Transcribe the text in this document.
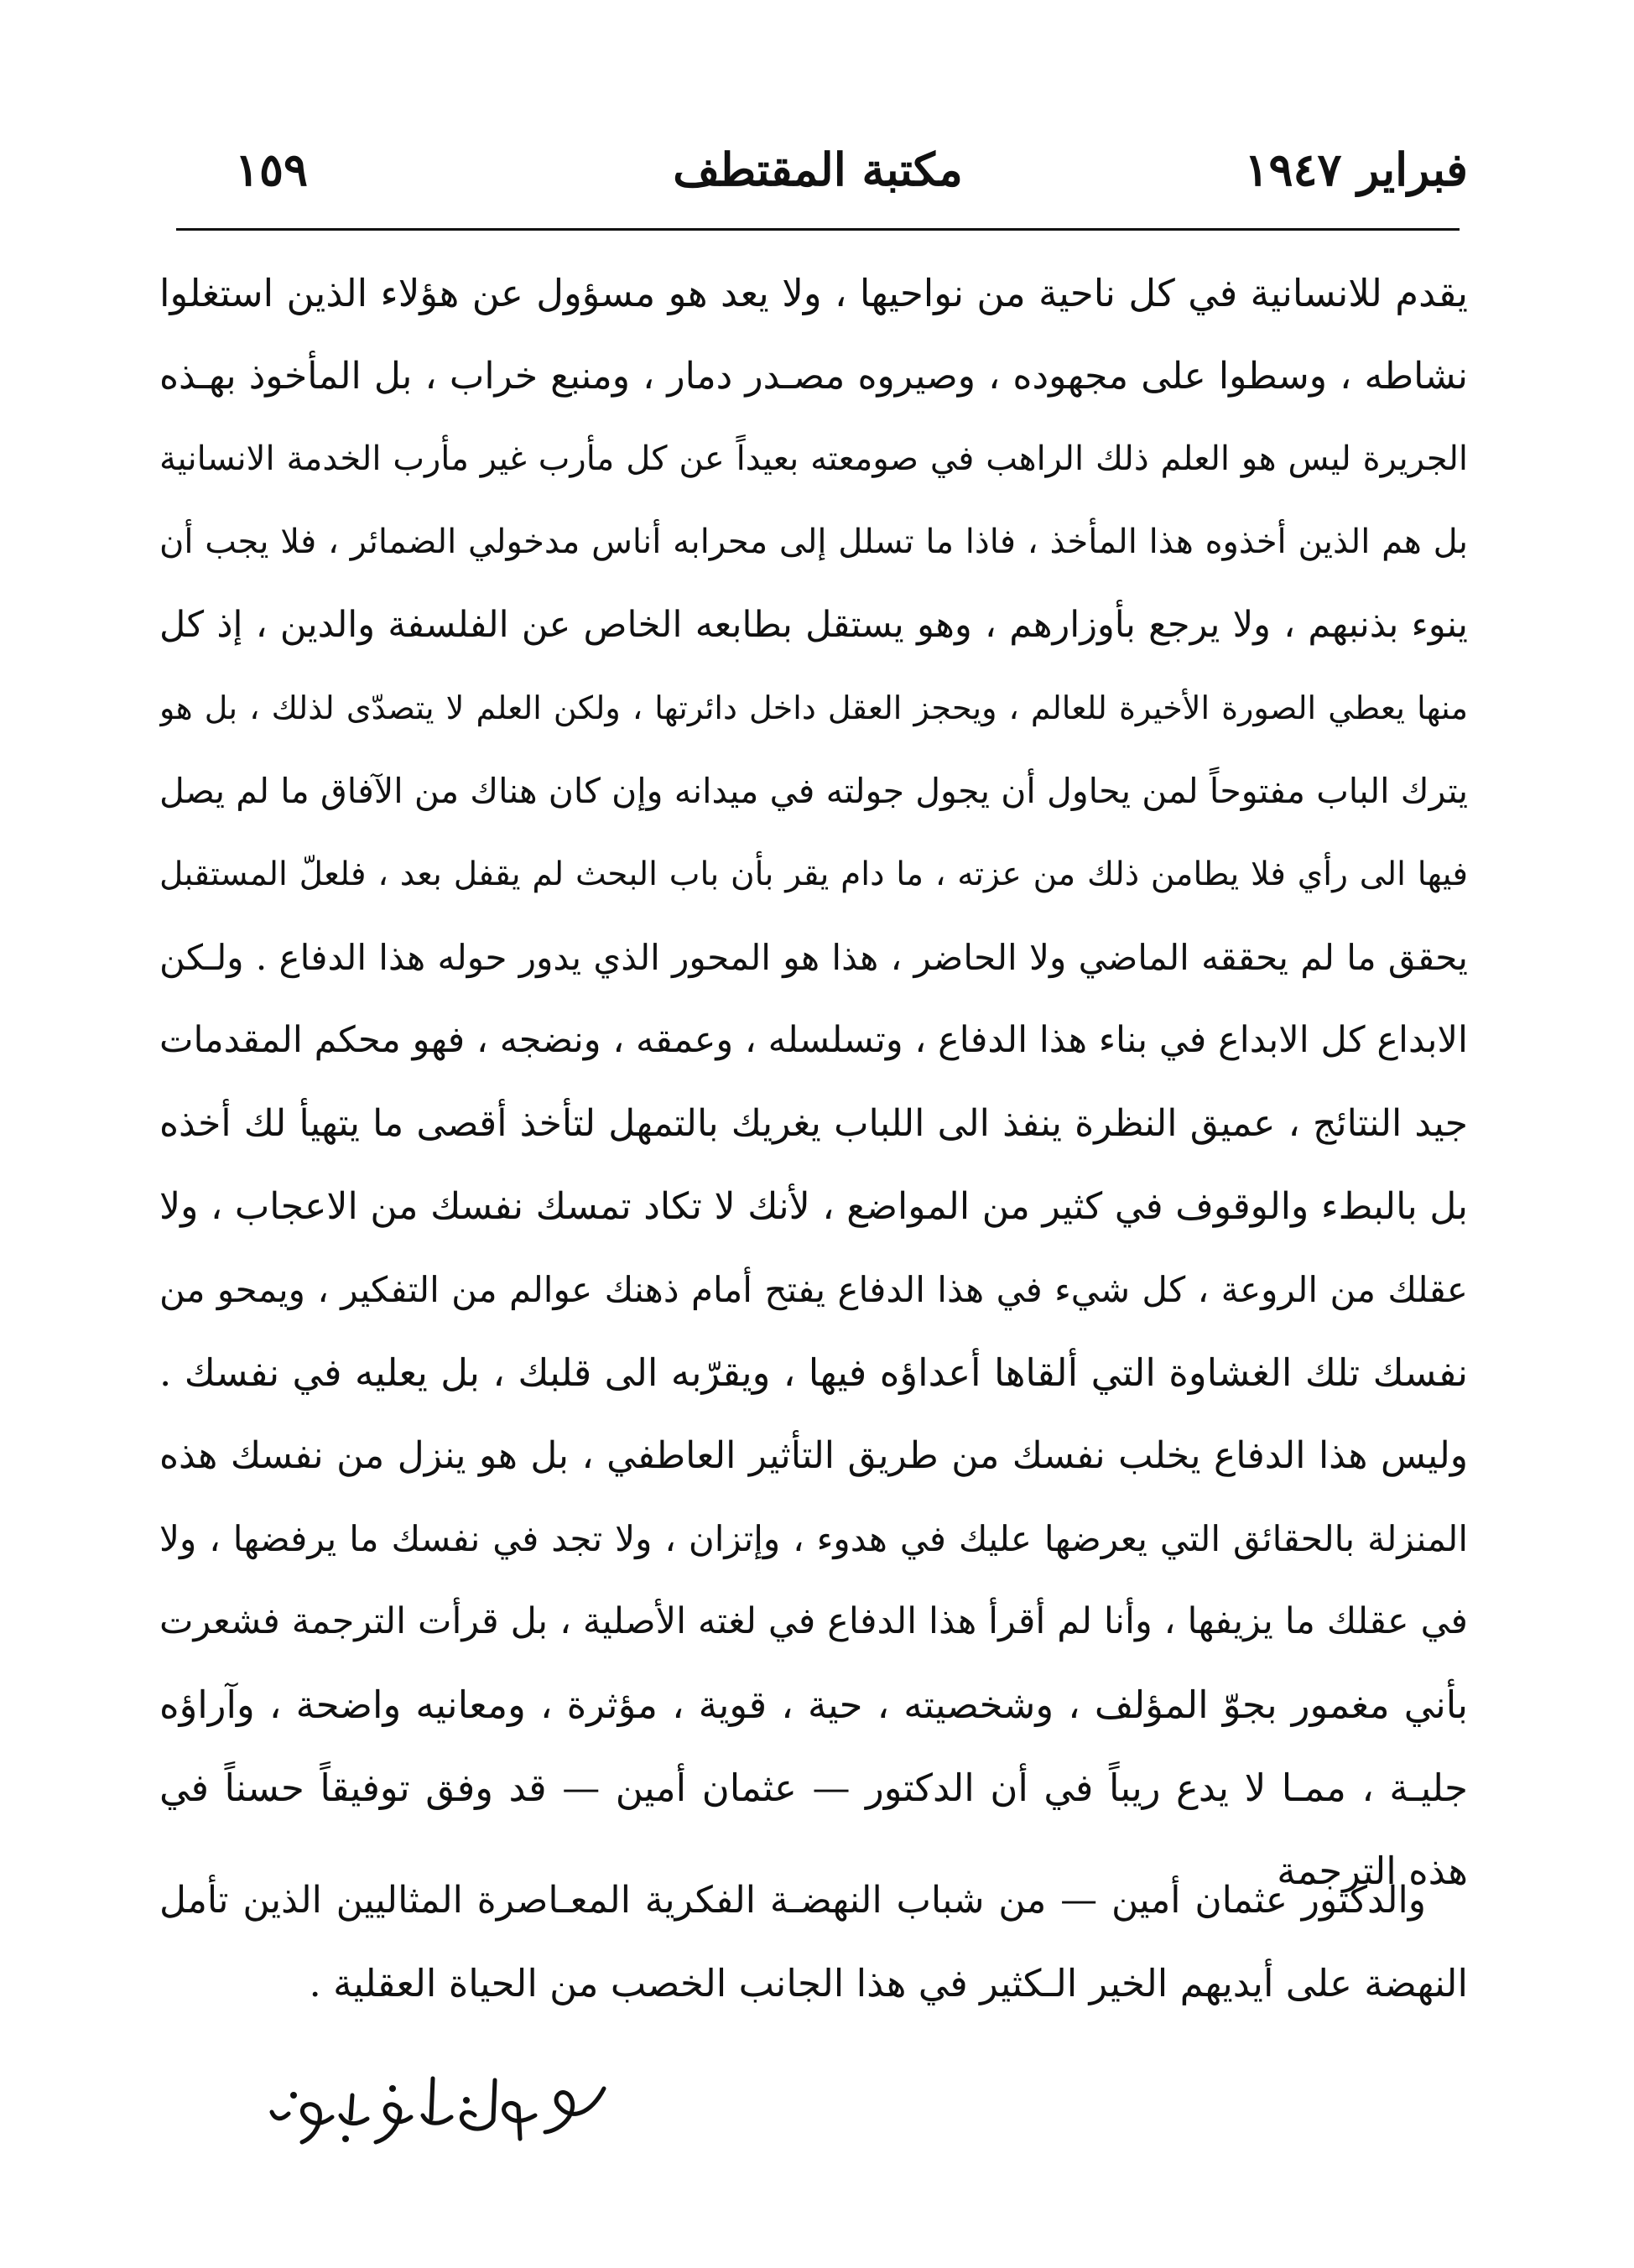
فبراير ١٩٤٧
مكتبة المقتطف
١٥٩
يقدم للانسانية في كل ناحية من نواحيها ، ولا يعد هو مسؤول عن هؤلاء الذين استغلوا
نشاطه ، وسطوا على مجهوده ، وصيروه مصـدر دمار ، ومنبع خراب ، بل المأخوذ بهـذه
الجريرة ليس هو العلم ذلك الراهب في صومعته بعيداً عن كل مأرب غير مأرب الخدمة الانسانية
بل هم الذين أخذوه هذا المأخذ ، فاذا ما تسلل إلى محرابه أناس مدخولي الضمائر ، فلا يجب أن
ينوء بذنبهم ، ولا يرجع بأوزارهم ، وهو يستقل بطابعه الخاص عن الفلسفة والدين ، إذ كل
منها يعطي الصورة الأخيرة للعالم ، ويحجز العقل داخل دائرتها ، ولكن العلم لا يتصدّى لذلك ، بل هو
يترك الباب مفتوحاً لمن يحاول أن يجول جولته في ميدانه وإن كان هناك من الآفاق ما لم يصل
فيها الى رأي فلا يطامن ذلك من عزته ، ما دام يقر بأن باب البحث لم يقفل بعد ، فلعلّ المستقبل
يحقق ما لم يحققه الماضي ولا الحاضر ، هذا هو المحور الذي يدور حوله هذا الدفاع . ولـكن
الابداع كل الابداع في بناء هذا الدفاع ، وتسلسله ، وعمقه ، ونضجه ، فهو محكم المقدمات
جيد النتائج ، عميق النظرة ينفذ الى اللباب يغريك بالتمهل لتأخذ أقصى ما يتهيأ لك أخذه
بل بالبطء والوقوف في كثير من المواضع ، لأنك لا تكاد تمسك نفسك من الاعجاب ، ولا
عقلك من الروعة ، كل شيء في هذا الدفاع يفتح أمام ذهنك عوالم من التفكير ، ويمحو من
نفسك تلك الغشاوة التي ألقاها أعداؤه فيها ، ويقرّبه الى قلبك ، بل يعليه في نفسك .
وليس هذا الدفاع يخلب نفسك من طريق التأثير العاطفي ، بل هو ينزل من نفسك هذه
المنزلة بالحقائق التي يعرضها عليك في هدوء ، وإتزان ، ولا تجد في نفسك ما يرفضها ، ولا
في عقلك ما يزيفها ، وأنا لم أقرأ هذا الدفاع في لغته الأصلية ، بل قرأت الترجمة فشعرت
بأني مغمور بجوّ المؤلف ، وشخصيته ، حية ، قوية ، مؤثرة ، ومعانيه واضحة ، وآراؤه
جليـة ، ممـا لا يدع ريباً في أن الدكتور — عثمان أمين — قد وفق توفيقاً حسناً في
هذه الترجمة
والدكتور عثمان أمين — من شباب النهضـة الفكرية المعـاصرة المثاليين الذين تأمل
النهضة على أيديهم الخير الـكثير في هذا الجانب الخصب من الحياة العقلية .
